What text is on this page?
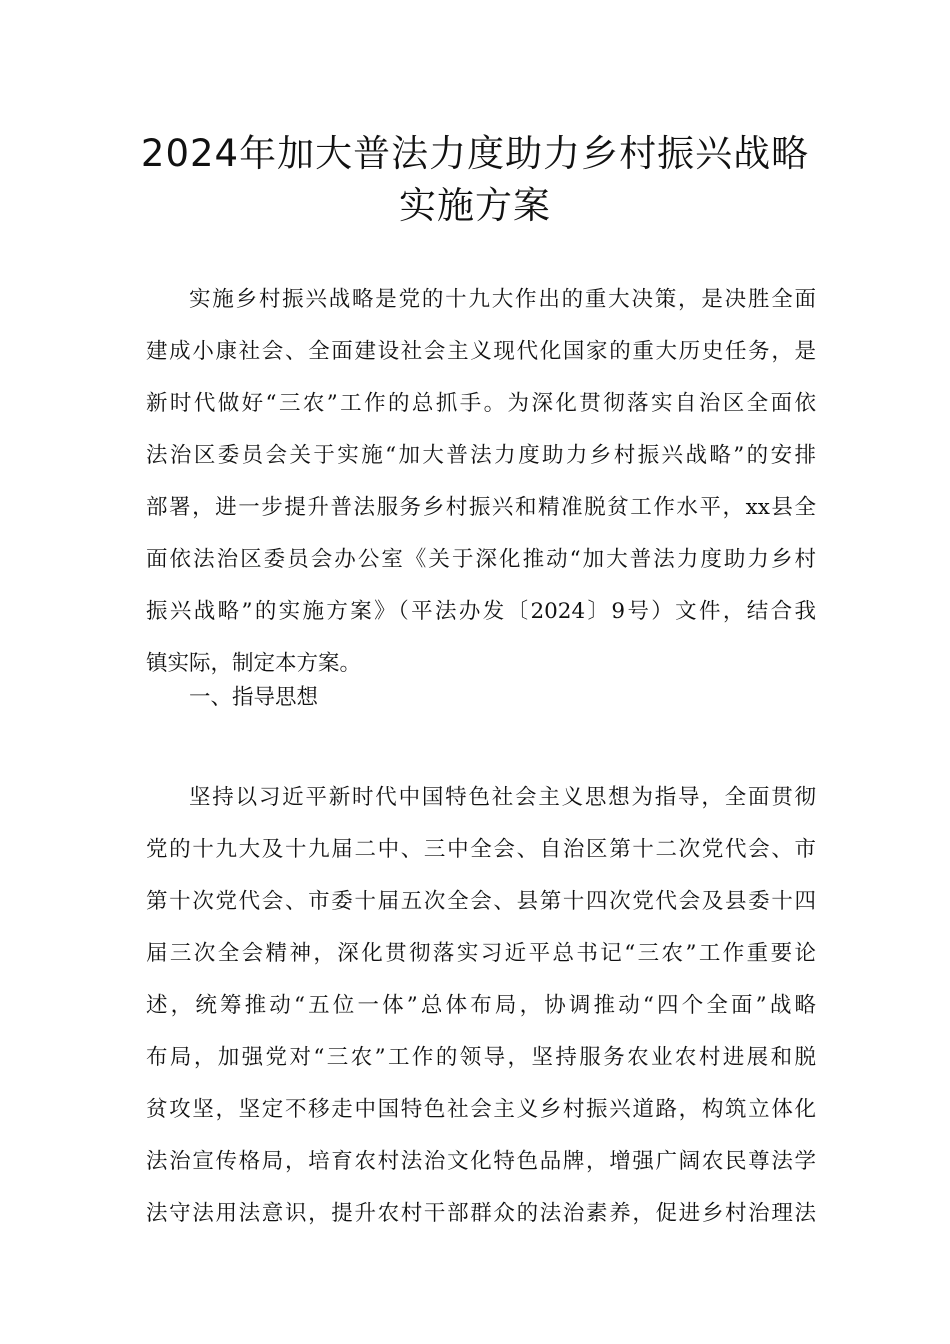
2024年加大普法力度助力乡村振兴战略
实施方案
实施乡村振兴战略是党的十九大作出的重大决策，是决胜全面
建成小康社会、全面建设社会主义现代化国家的重大历史任务，是
新时代做好“三农”工作的总抓手。为深化贯彻落实自治区全面依
法治区委员会关于实施“加大普法力度助力乡村振兴战略”的安排
部署，进一步提升普法服务乡村振兴和精准脱贫工作水平，xx县全
面依法治区委员会办公室《关于深化推动“加大普法力度助力乡村
振兴战略”的实施方案》（平法办发〔2024〕9号）文件，结合我
镇实际，制定本方案。
一、指导思想
坚持以习近平新时代中国特色社会主义思想为指导，全面贯彻
党的十九大及十九届二中、三中全会、自治区第十二次党代会、市
第十次党代会、市委十届五次全会、县第十四次党代会及县委十四
届三次全会精神，深化贯彻落实习近平总书记“三农”工作重要论
述，统筹推动“五位一体”总体布局，协调推动“四个全面”战略
布局，加强党对“三农”工作的领导，坚持服务农业农村进展和脱
贫攻坚，坚定不移走中国特色社会主义乡村振兴道路，构筑立体化
法治宣传格局，培育农村法治文化特色品牌，增强广阔农民尊法学
法守法用法意识，提升农村干部群众的法治素养，促进乡村治理法
